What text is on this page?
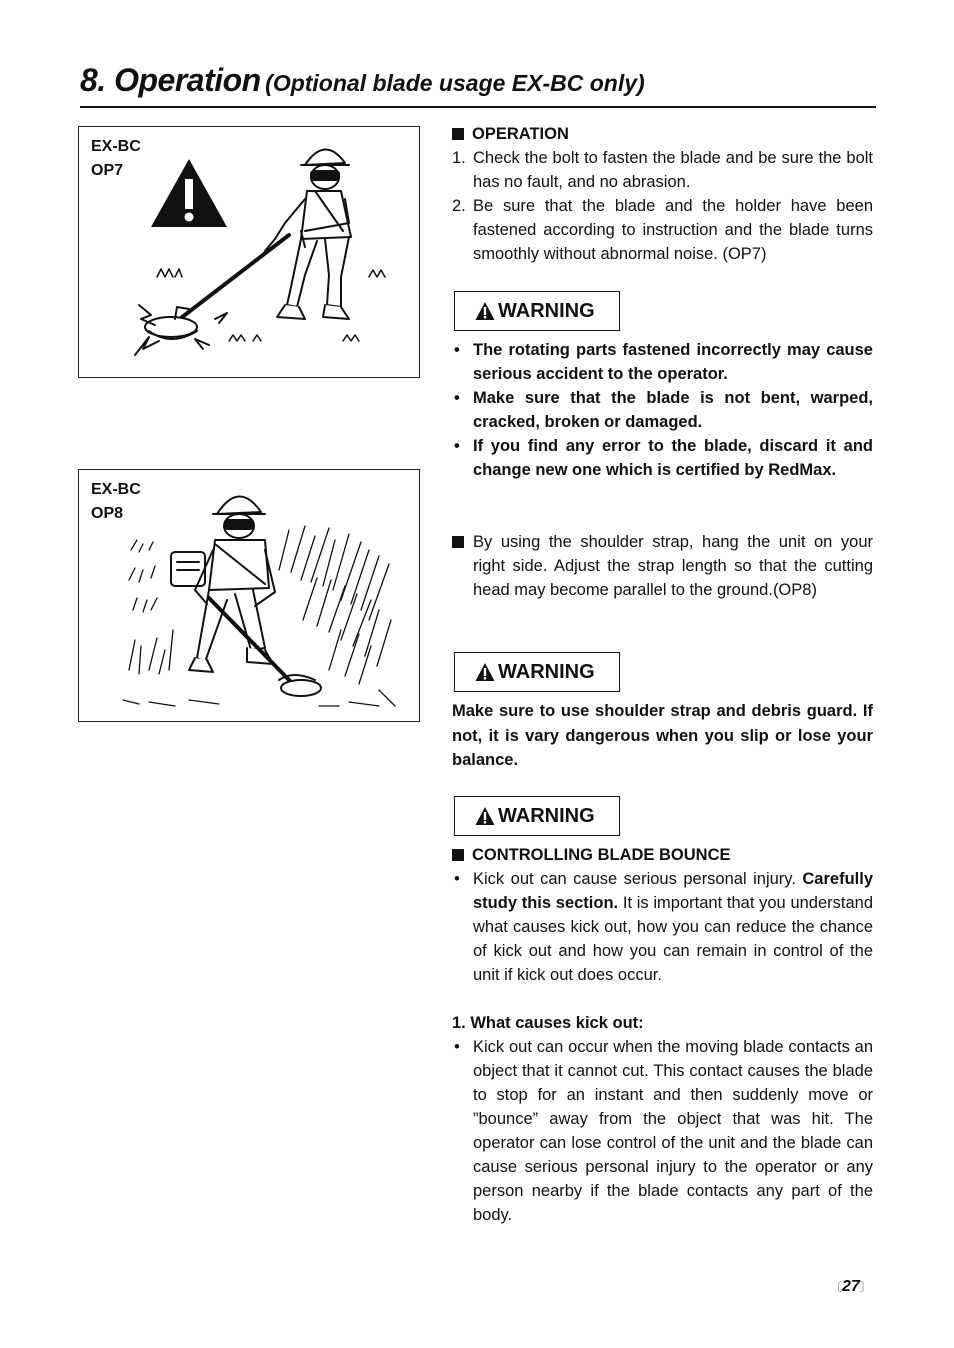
8. Operation (Optional blade usage EX-BC only)
EX-BC
OP7
EX-BC
OP8
OPERATION
1. Check the bolt to fasten the blade and be sure the bolt has no fault, and no abrasion.
2. Be sure that the blade and the holder have been fastened according to instruction and the blade turns smoothly without abnormal noise. (OP7)
WARNING
• The rotating parts fastened incorrectly may cause serious accident to the operator.
• Make sure that the blade is not bent, warped, cracked, broken or damaged.
• If you find any error to the blade, discard it and change new one which is certified by RedMax.
By using the shoulder strap, hang the unit on your right side. Adjust the strap length so that the cutting head may become parallel to the ground.(OP8)
WARNING
Make sure to use shoulder strap and debris guard. If not, it is vary dangerous when you slip or lose your balance.
WARNING
CONTROLLING BLADE BOUNCE
• Kick out can cause serious personal injury. Carefully study this section. It is important that you understand what causes kick out, how you can reduce the chance of kick out and how you can remain in control of the unit if kick out does occur.
1. What causes kick out:
• Kick out can occur when the moving blade contacts an object that it cannot cut. This contact causes the blade to stop for an instant and then suddenly move or ”bounce” away from the object that was hit. The operator can lose control of the unit and the blade can cause serious personal injury to the operator or any person nearby if the blade contacts any part of the body.
〔27〕
